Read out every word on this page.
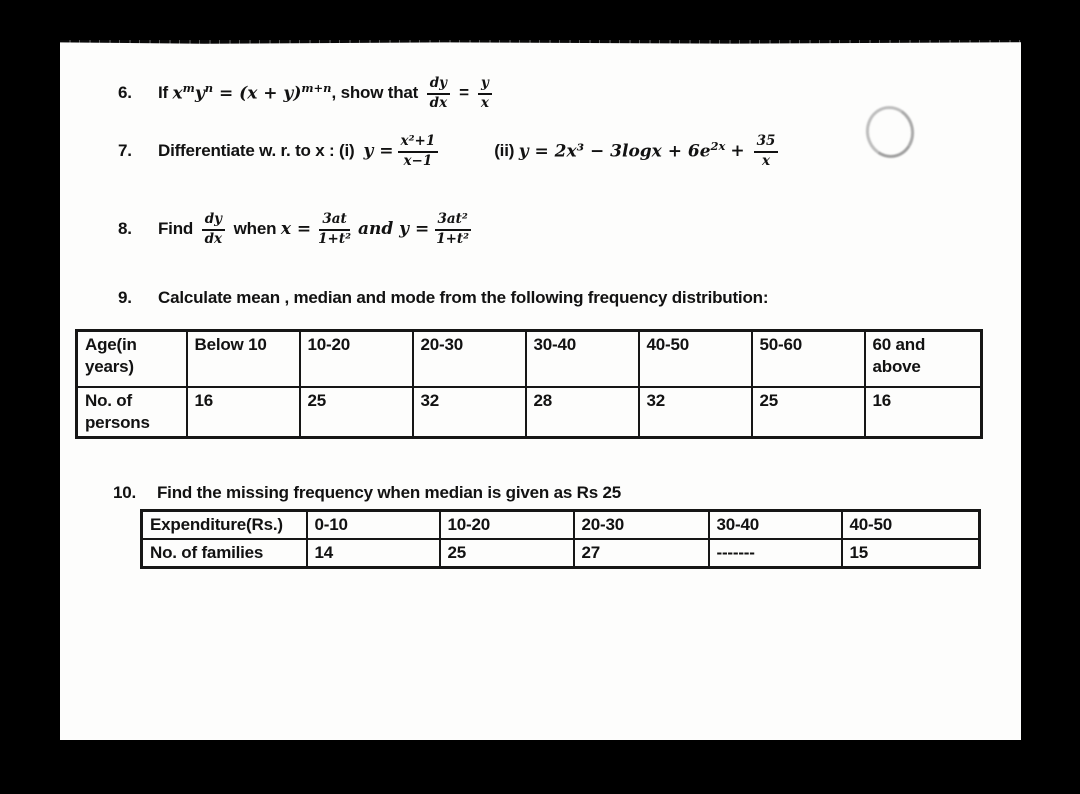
6.	If $x^my^n = (x + y)^{m+n}$ , show that $\frac{dy}{dx} = \frac{y}{x}$
7.	Differentiate w. r. to x : (i) $y = \frac{\text{x²+1}}{x-1}$	(ii) $y = 2x^3 - 3\log x + 6e^{2x} + \frac{35}{x}$
8.	Find $\frac{dy}{dx}$ when $x = \frac{3at}{\text{1+t²}}$ and $y = \frac{\text{3at²}}{\text{1+t²}}$
9.	Calculate mean , median and mode from the following frequency distribution:
Age(in years)	Below 10	10-20	20-30	30-40	40-50	50-60	60 and above
No. of persons	16	25	32	28	32	25	16
10.	Find the missing frequency when median is given as Rs 25
Expenditure(Rs.)	0-10	10-20	20-30	30-40	40-50
No. of families	14	25	27	-------	15
